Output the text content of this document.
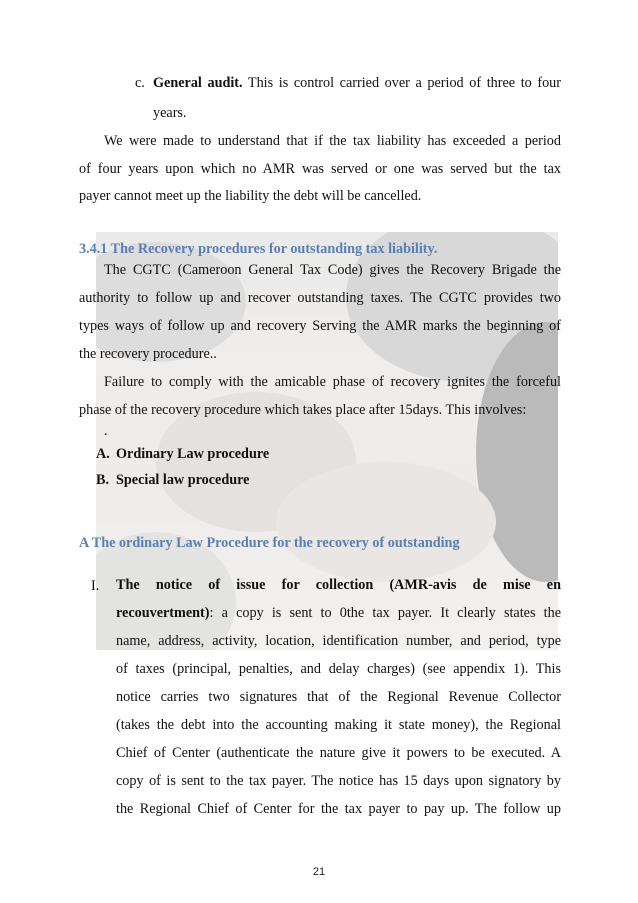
c. General audit. This is control carried over a period of three to four
years.
We were made to understand that if the tax liability has exceeded a period
of four years upon which no AMR was served or one was served but the tax
payer cannot meet up the liability the debt will be cancelled.
3.4.1 The Recovery procedures for outstanding tax liability.
The CGTC (Cameroon General Tax Code) gives the Recovery Brigade the
authority to follow up and recover outstanding taxes. The CGTC provides two
types ways of follow up and recovery Serving the AMR marks the beginning of
the recovery procedure..
Failure to comply with the amicable phase of recovery ignites the forceful
phase of the recovery procedure which takes place after 15days. This involves:
.
A. Ordinary Law procedure
B. Special law procedure
A The ordinary Law Procedure for the recovery of outstanding
I. The notice of issue for collection (AMR-avis de mise en
recouvertment): a copy is sent to 0the tax payer. It clearly states the
name, address, activity, location, identification number, and period, type
of taxes (principal, penalties, and delay charges) (see appendix 1). This
notice carries two signatures that of the Regional Revenue Collector
(takes the debt into the accounting making it state money), the Regional
Chief of Center (authenticate the nature give it powers to be executed. A
copy of is sent to the tax payer. The notice has 15 days upon signatory by
the Regional Chief of Center for the tax payer to pay up. The follow up
21
